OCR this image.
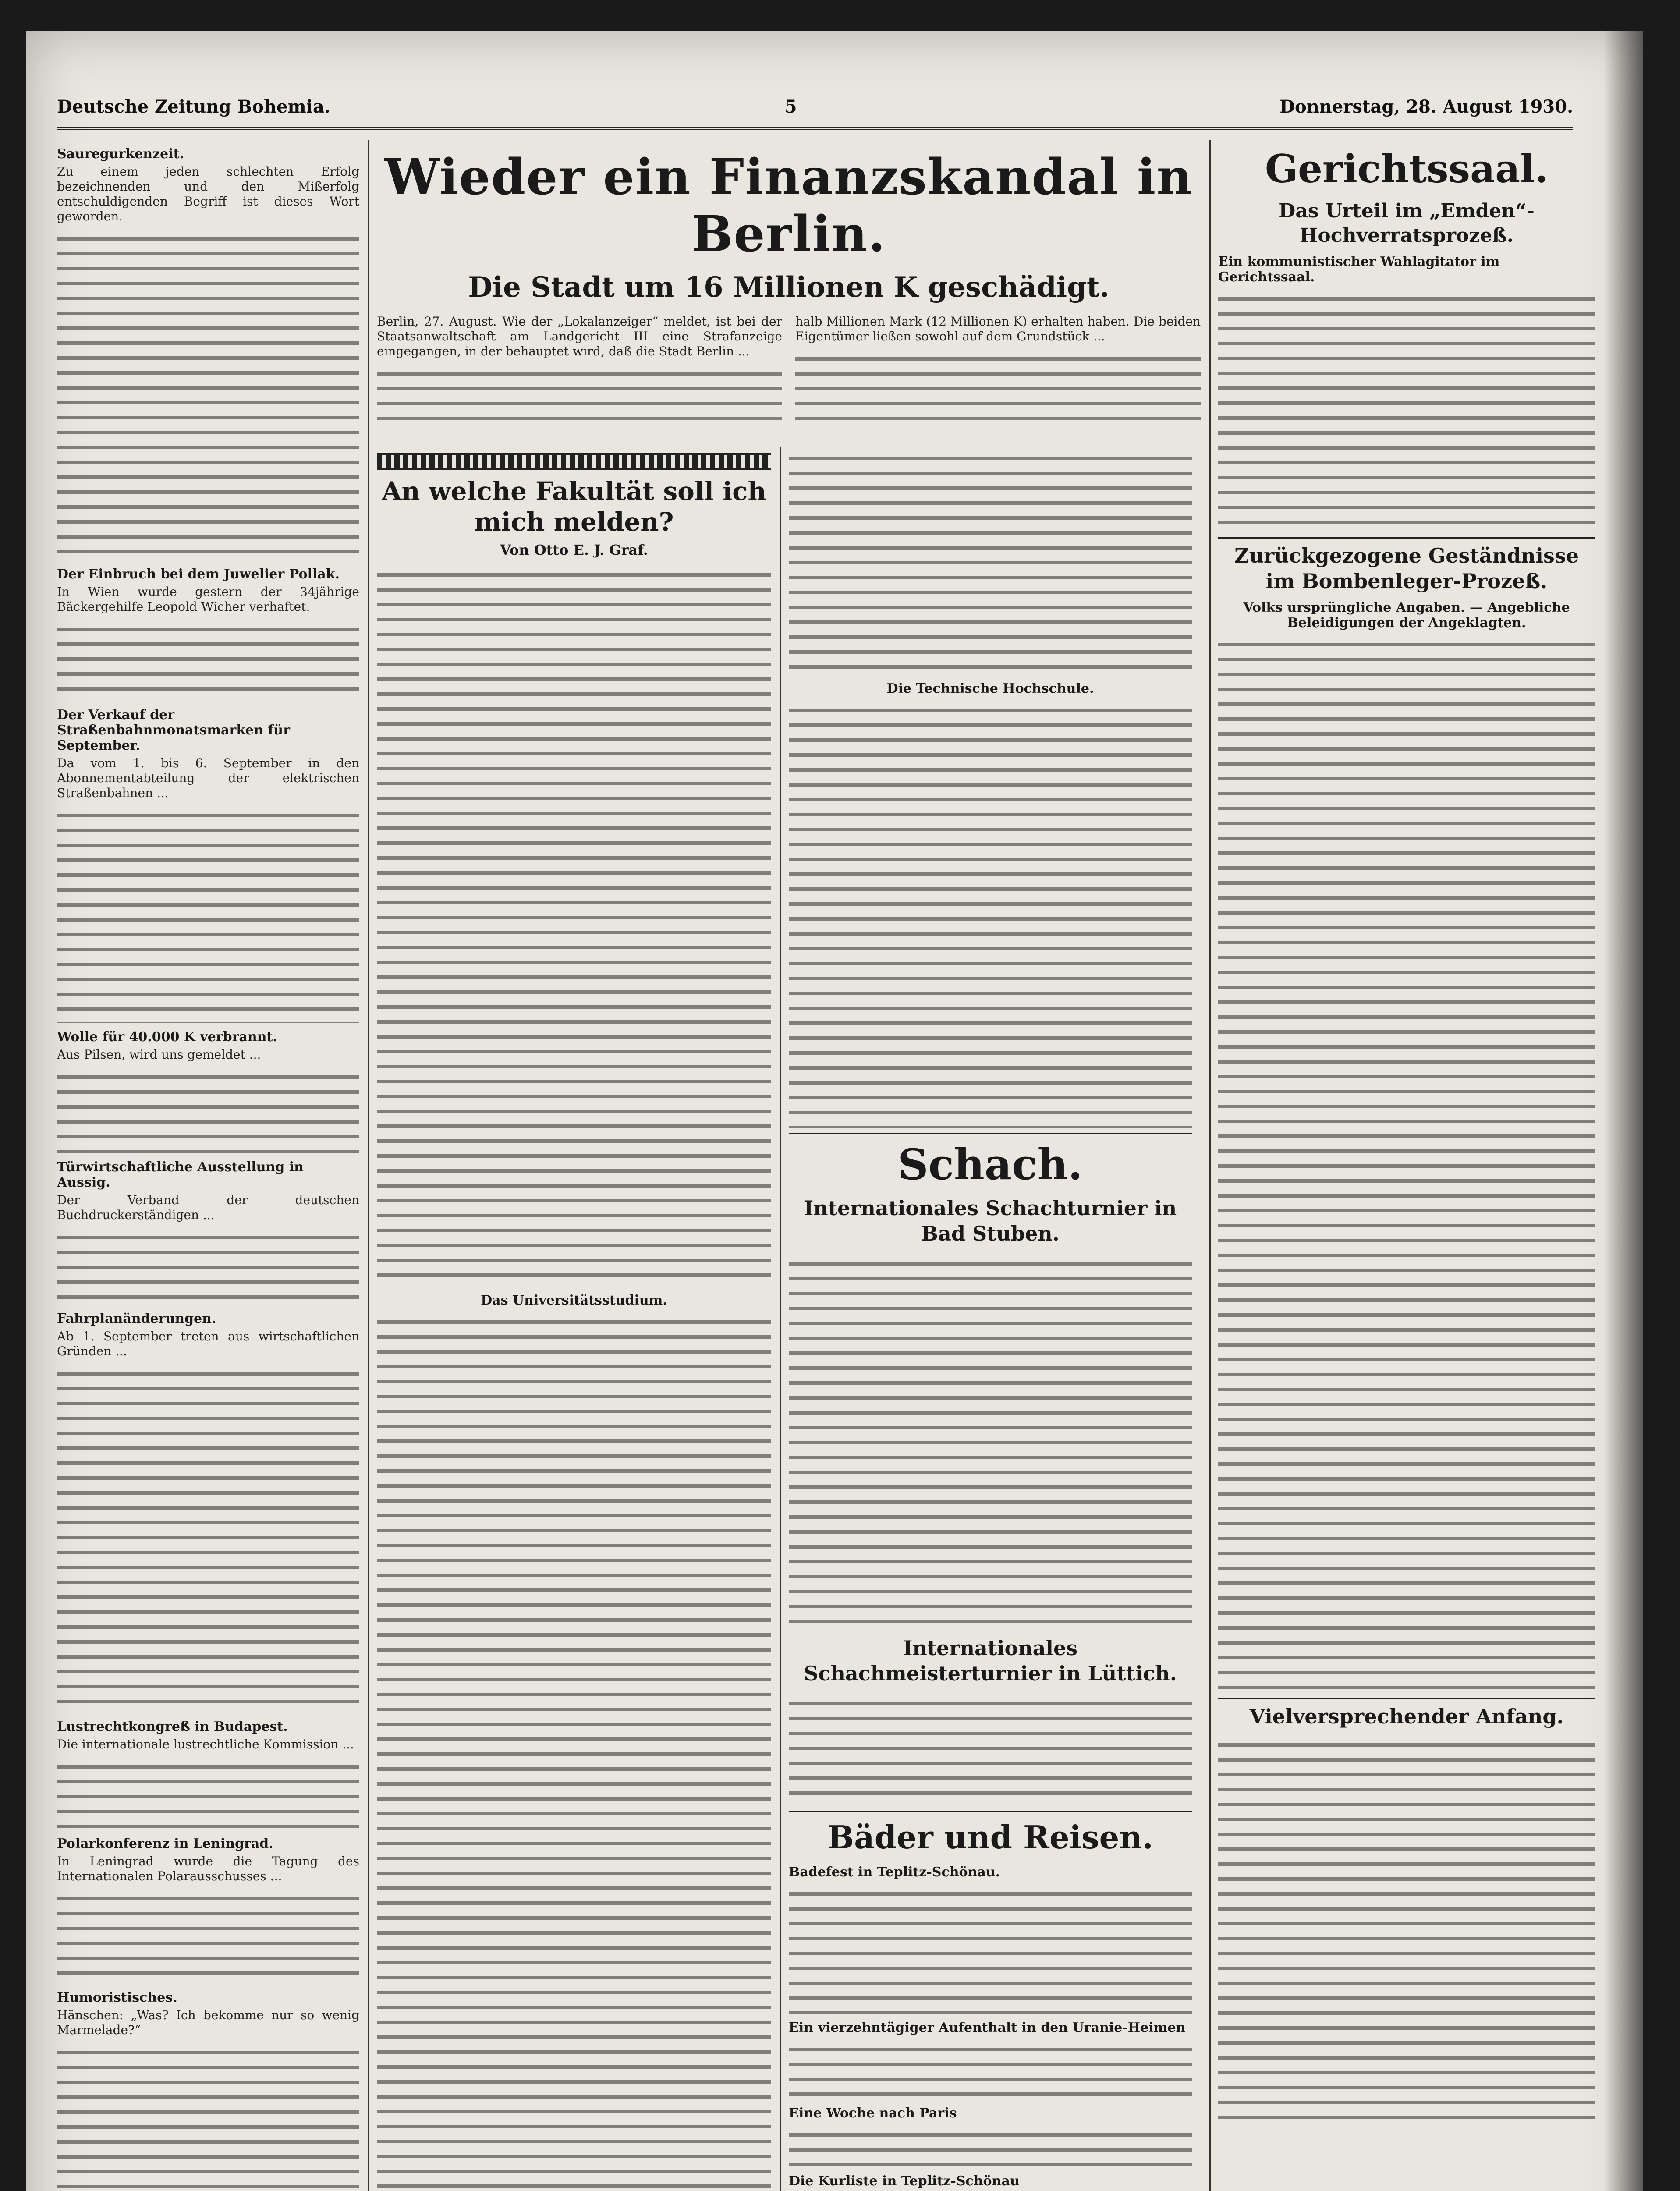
Deutsche Zeitung Bohemia.	5	Donnerstag, 28. August 1930.
Sauregurkenzeit.

Zu einem jeden schlechten Erfolg bezeichnenden und den Mißerfolg entschuldigenden Begriff ist dieses Wort geworden.

Der Einbruch bei dem Juwelier Pollak.

In Wien wurde gestern der 34jährige Bäckergehilfe Leopold Wicher verhaftet.

Der Verkauf der Straßenbahnmonatsmarken für September.

Da vom 1. bis 6. September in den Abonnementabteilung der elektrischen Straßenbahnen ...

Wolle für 40.000 K verbrannt.

Aus Pilsen, wird uns gemeldet ...

Türwirtschaftliche Ausstellung in Aussig.

Der Verband der deutschen Buchdruckerständigen ...

Fahrplanänderungen.

Ab 1. September treten aus wirtschaftlichen Gründen ...

Lustrechtkongreß in Budapest.

Die internationale lustrechtliche Kommission ...

Polarkonferenz in Leningrad.

In Leningrad wurde die Tagung des Internationalen Polarausschusses ...

Humoristisches.

Hänschen: „Was? Ich bekomme nur so wenig Marmelade?“

Wieder ein Finanzskandal in Berlin.
Die Stadt um 16 Millionen K geschädigt.

Berlin, 27. August. Wie der „Lokalanzeiger“ meldet, ist bei der Staatsanwaltschaft am Landgericht III eine Strafanzeige eingegangen, in der behauptet wird, daß die Stadt Berlin ...

halb Millionen Mark (12 Millionen K) erhalten haben. Die beiden Eigentümer ließen sowohl auf dem Grundstück ...

An welche Fakultät soll ich mich melden?
Von Otto E. J. Graf.
Das Universitätsstudium.
Die Technische Hochschule.
Schach.
Internationales Schachturnier in Bad Stuben.
Internationales Schachmeisterturnier in Lüttich.
Bäder und Reisen.
Badefest in Teplitz-Schönau.
Ein vierzehntägiger Aufenthalt in den Uranie-Heimen
Eine Woche nach Paris
Die Kurliste in Teplitz-Schönau
Gerichtssaal.
Das Urteil im „Emden“-Hochverratsprozeß.
Ein kommunistischer Wahlagitator im Gerichtssaal.
Zurückgezogene Geständnisse im Bombenleger-Prozeß.
Volks ursprüngliche Angaben. — Angebliche Beleidigungen der Angeklagten.
Vielversprechender Anfang.
